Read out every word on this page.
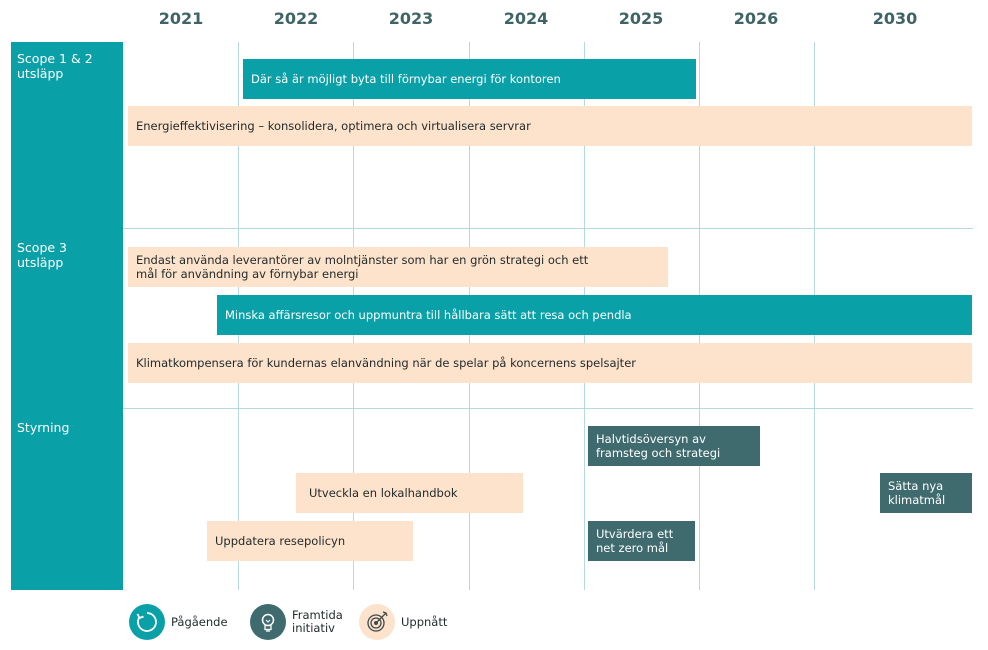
2021	2022	2023	2024	2025	2026	2030
Scope 1 & 2
utsläpp
Scope 3
utsläpp
Styrning
Där så är möjligt byta till förnybar energi för kontoren
Energieffektivisering – konsolidera, optimera och virtualisera servrar
Endast använda leverantörer av molntjänster som har en grön strategi och ett
mål för användning av förnybar energi
Minska affärsresor och uppmuntra till hållbara sätt att resa och pendla
Klimatkompensera för kundernas elanvändning när de spelar på koncernens spelsajter
Halvtidsöversyn av
framsteg och strategi
Utveckla en lokalhandbok	Sätta nya
klimatmål
Utvärdera ett
net zero mål
Uppdatera resepolicyn
Pågående	Framtida
initiativ	Uppnått
